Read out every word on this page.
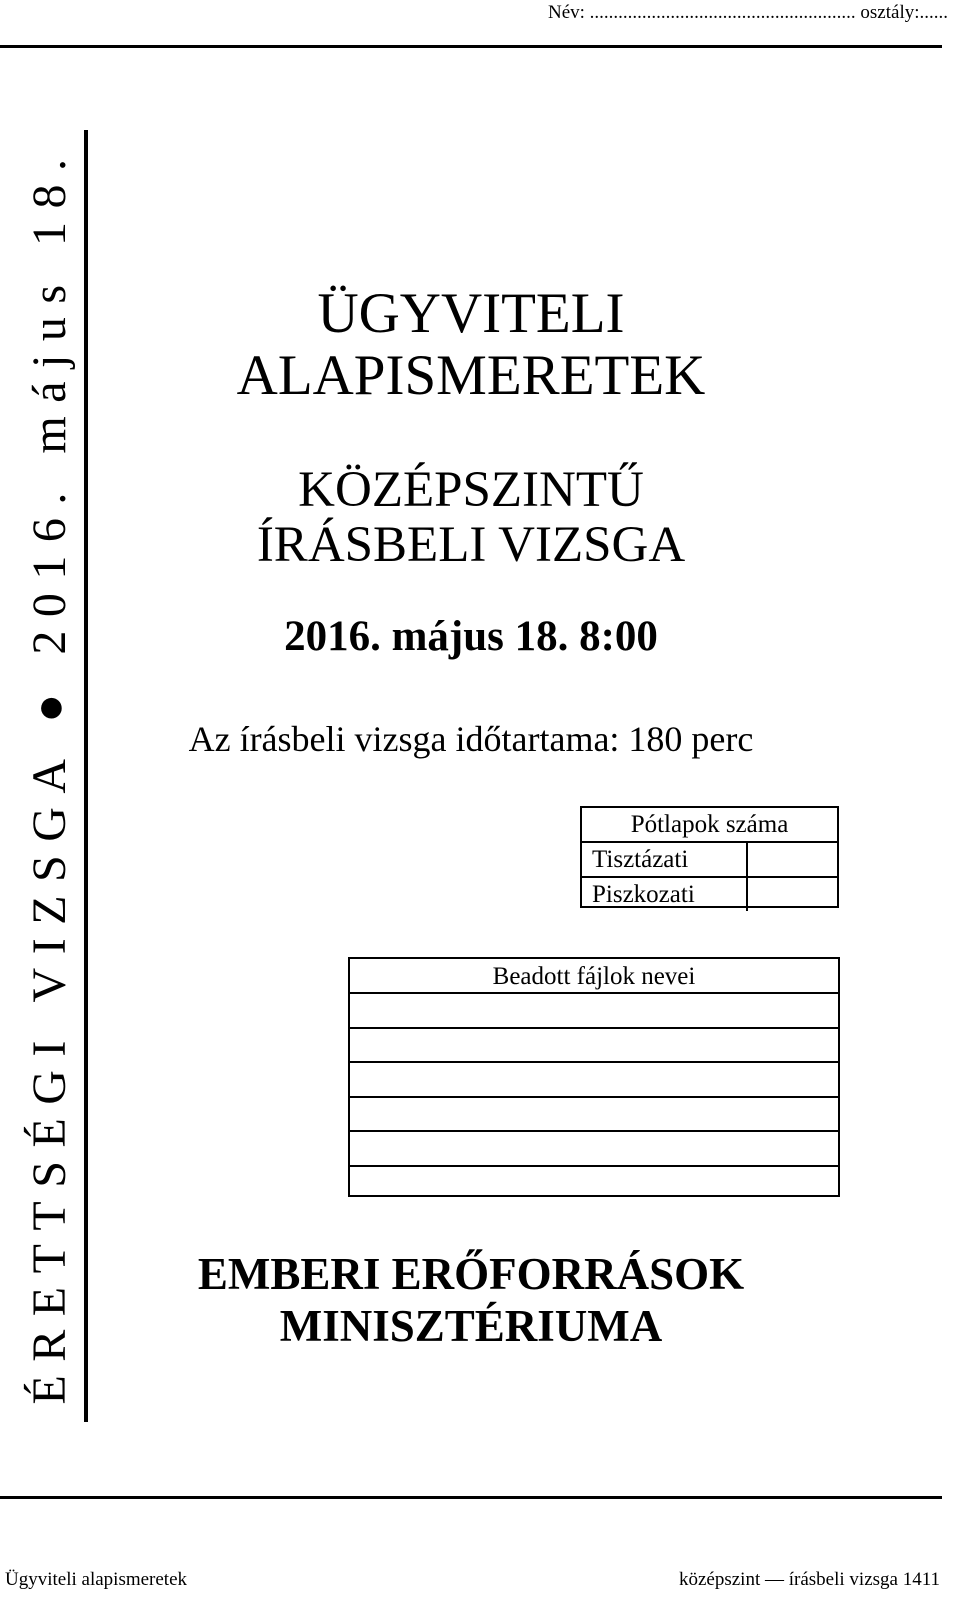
Név: ........................................................ osztály:......
ÉRETTSÉGI VIZSGA ● 2016. május 18.	ÜGYVITELI
ALAPISMERETEK
KÖZÉPSZINTŰ
ÍRÁSBELI VIZSGA
2016. május 18. 8:00
Az írásbeli vizsga időtartama: 180 perc
Pótlapok száma
Tisztázati
Piszkozati
Beadott fájlok nevei
EMBERI ERŐFORRÁSOK
MINISZTÉRIUMA
Ügyviteli alapismeretek	középszint — írásbeli vizsga 1411
